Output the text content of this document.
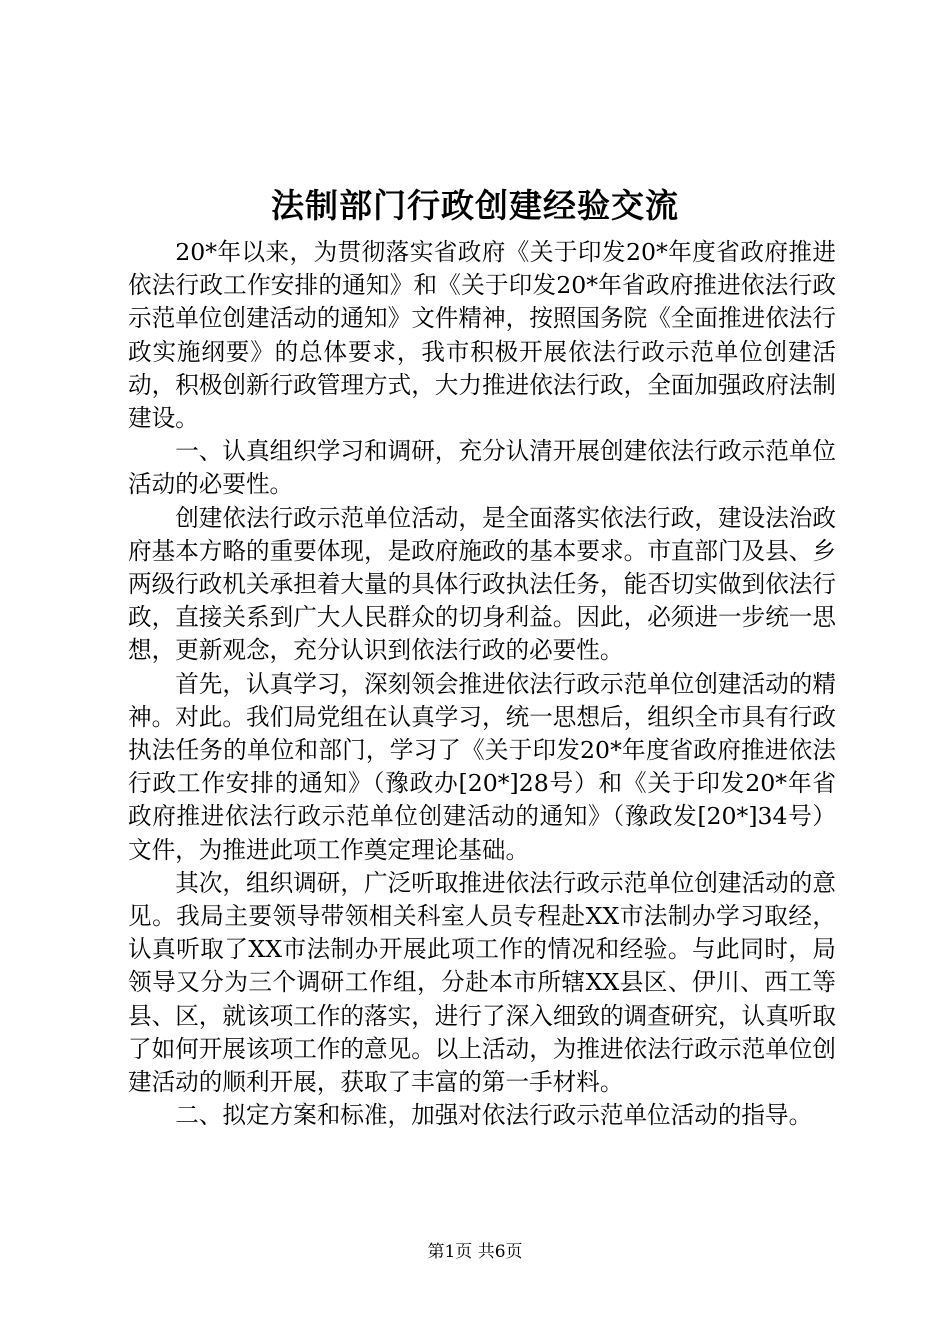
法制部门行政创建经验交流

20*年以来，为贯彻落实省政府《关于印发20*年度省政府推进依法行政工作安排的通知》和《关于印发20*年省政府推进依法行政示范单位创建活动的通知》文件精神，按照国务院《全面推进依法行政实施纲要》的总体要求，我市积极开展依法行政示范单位创建活动，积极创新行政管理方式，大力推进依法行政，全面加强政府法制建设。

一、认真组织学习和调研，充分认清开展创建依法行政示范单位活动的必要性。

创建依法行政示范单位活动，是全面落实依法行政，建设法治政府基本方略的重要体现，是政府施政的基本要求。市直部门及县、乡两级行政机关承担着大量的具体行政执法任务，能否切实做到依法行政，直接关系到广大人民群众的切身利益。因此，必须进一步统一思想，更新观念，充分认识到依法行政的必要性。

首先，认真学习，深刻领会推进依法行政示范单位创建活动的精神。对此。我们局党组在认真学习，统一思想后，组织全市具有行政执法任务的单位和部门，学习了《关于印发20*年度省政府推进依法行政工作安排的通知》（豫政办[20*]28号）和《关于印发20*年省政府推进依法行政示范单位创建活动的通知》（豫政发[20*]34号）文件，为推进此项工作奠定理论基础。

其次，组织调研，广泛听取推进依法行政示范单位创建活动的意见。我局主要领导带领相关科室人员专程赴XX市法制办学习取经，认真听取了XX市法制办开展此项工作的情况和经验。与此同时，局领导又分为三个调研工作组，分赴本市所辖XX县区、伊川、西工等县、区，就该项工作的落实，进行了深入细致的调查研究，认真听取了如何开展该项工作的意见。以上活动，为推进依法行政示范单位创建活动的顺利开展，获取了丰富的第一手材料。

二、拟定方案和标准，加强对依法行政示范单位活动的指导。

第1页 共6页
